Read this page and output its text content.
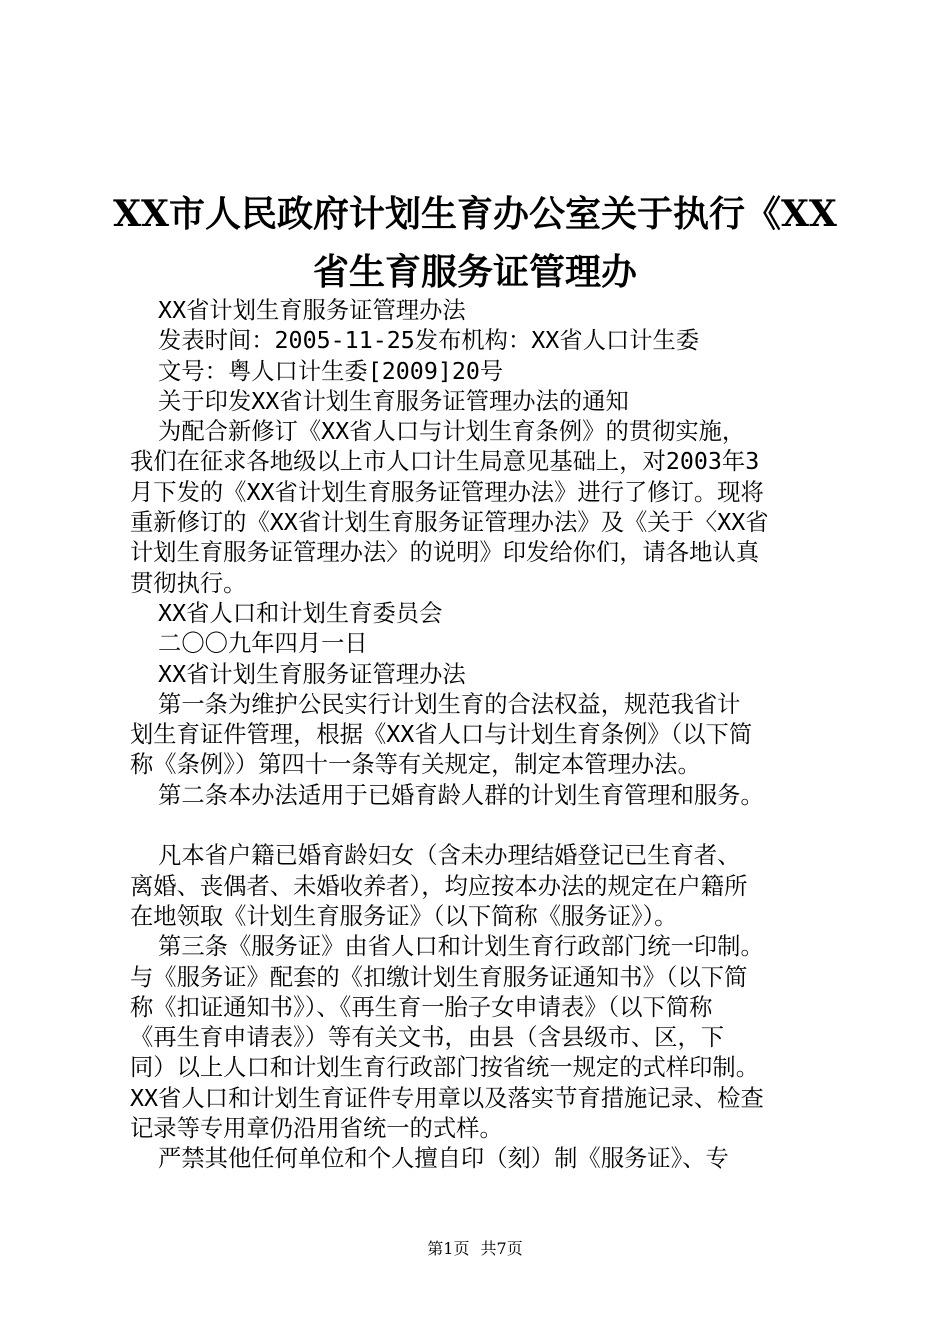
XX市人民政府计划生育办公室关于执行《XX
省生育服务证管理办
XX省计划生育服务证管理办法
发表时间：2005-11-25发布机构：XX省人口计生委
文号：粤人口计生委[2009]20号
关于印发XX省计划生育服务证管理办法的通知
为配合新修订《XX省人口与计划生育条例》的贯彻实施，
我们在征求各地级以上市人口计生局意见基础上，对2003年3
月下发的《XX省计划生育服务证管理办法》进行了修订。现将
重新修订的《XX省计划生育服务证管理办法》及《关于〈XX省
计划生育服务证管理办法〉的说明》印发给你们，请各地认真
贯彻执行。
XX省人口和计划生育委员会
二〇〇九年四月一日
XX省计划生育服务证管理办法
第一条为维护公民实行计划生育的合法权益，规范我省计
划生育证件管理，根据《XX省人口与计划生育条例》（以下简
称《条例》）第四十一条等有关规定，制定本管理办法。
第二条本办法适用于已婚育龄人群的计划生育管理和服务。
凡本省户籍已婚育龄妇女（含未办理结婚登记已生育者、
离婚、丧偶者、未婚收养者），均应按本办法的规定在户籍所
在地领取《计划生育服务证》（以下简称《服务证》）。
第三条《服务证》由省人口和计划生育行政部门统一印制。
与《服务证》配套的《扣缴计划生育服务证通知书》（以下简
称《扣证通知书》）、《再生育一胎子女申请表》（以下简称
《再生育申请表》）等有关文书，由县（含县级市、区，下
同）以上人口和计划生育行政部门按省统一规定的式样印制。
XX省人口和计划生育证件专用章以及落实节育措施记录、检查
记录等专用章仍沿用省统一的式样。
严禁其他任何单位和个人擅自印（刻）制《服务证》、专
第1页 共7页
